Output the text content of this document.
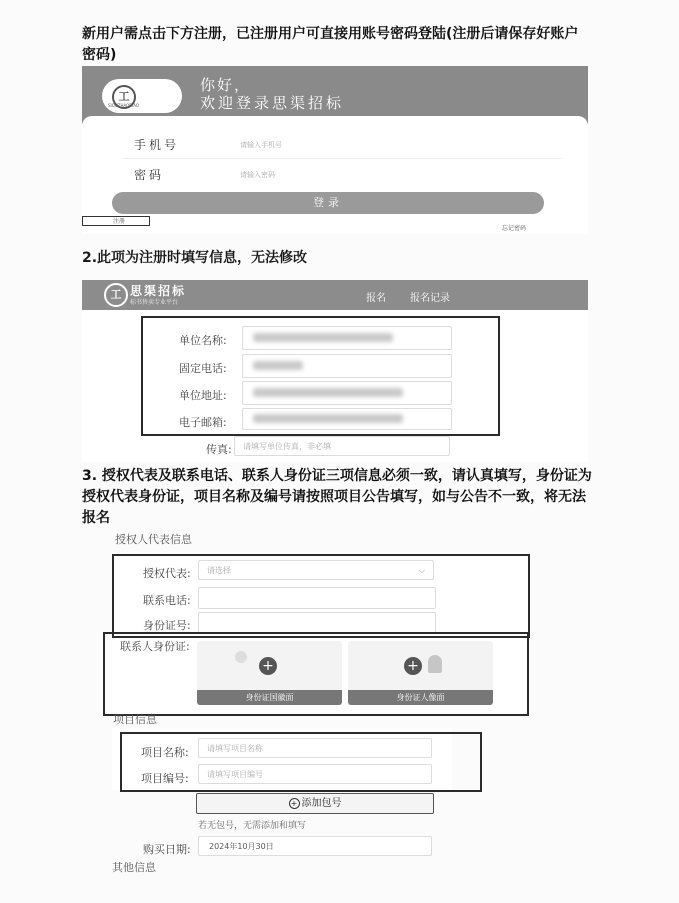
新用户需点击下方注册，已注册用户可直接用账号密码登陆(注册后请保存好账户密码)
工
SIQUZHAOBIAO
你好，
欢迎登录思渠招标
手机号	请输入手机号
密码	请输入密码
登录
注册
忘记密码
2.此项为注册时填写信息，无法修改
工 思渠招标
标书售卖专业平台	报名 报名记录
单位名称:
固定电话:
单位地址:
电子邮箱:
传真:	请填写单位传真，非必填
3. 授权代表及联系电话、联系人身份证三项信息必须一致，请认真填写，身份证为授权代表身份证，项目名称及编号请按照项目公告填写，如与公告不一致，将无法报名
授权人代表信息
授权代表:	请选择	⌵
联系电话:
身份证号:
联系人身份证:
+
身份证国徽面
+
身份证人像面
项目信息
项目名称:	请填写项目名称
项目编号:	请填写项目编号
+ 添加包号
若无包号，无需添加和填写
购买日期:	2024年10月30日
其他信息
